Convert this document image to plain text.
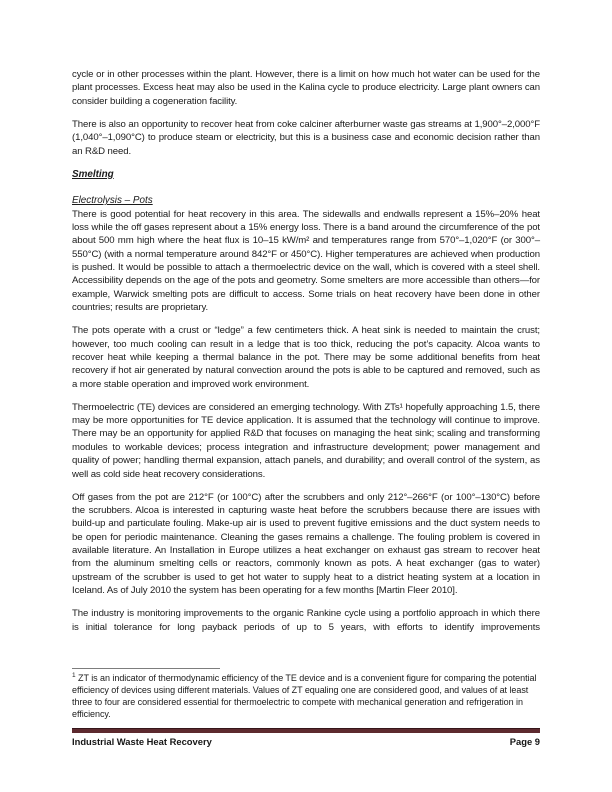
cycle or in other processes within the plant. However, there is a limit on how much hot water can be used for the plant processes. Excess heat may also be used in the Kalina cycle to produce electricity. Large plant owners can consider building a cogeneration facility.

There is also an opportunity to recover heat from coke calciner afterburner waste gas streams at 1,900°–2,000°F (1,040°–1,090°C) to produce steam or electricity, but this is a business case and economic decision rather than an R&D need.

Smelting
Electrolysis – Pots

There is good potential for heat recovery in this area. The sidewalls and endwalls represent a 15%–20% heat loss while the off gases represent about a 15% energy loss. There is a band around the circumference of the pot about 500 mm high where the heat flux is 10–15 kW/m² and temperatures range from 570°–1,020°F (or 300°–550°C) (with a normal temperature around 842°F or 450°C). Higher temperatures are achieved when production is pushed. It would be possible to attach a thermoelectric device on the wall, which is covered with a steel shell. Accessibility depends on the age of the pots and geometry. Some smelters are more accessible than others—for example, Warwick smelting pots are difficult to access. Some trials on heat recovery have been done in other countries; results are proprietary.

The pots operate with a crust or “ledge” a few centimeters thick. A heat sink is needed to maintain the crust; however, too much cooling can result in a ledge that is too thick, reducing the pot’s capacity. Alcoa wants to recover heat while keeping a thermal balance in the pot. There may be some additional benefits from heat recovery if hot air generated by natural convection around the pots is able to be captured and removed, such as a more stable operation and improved work environment.

Thermoelectric (TE) devices are considered an emerging technology. With ZTs¹ hopefully approaching 1.5, there may be more opportunities for TE device application. It is assumed that the technology will continue to improve. There may be an opportunity for applied R&D that focuses on managing the heat sink; scaling and transforming modules to workable devices; process integration and infrastructure development; power management and quality of power; handling thermal expansion, attach panels, and durability; and overall control of the system, as well as cold side heat recovery considerations.

Off gases from the pot are 212°F (or 100°C) after the scrubbers and only 212°–266°F (or 100°–130°C) before the scrubbers. Alcoa is interested in capturing waste heat before the scrubbers because there are issues with build-up and particulate fouling. Make-up air is used to prevent fugitive emissions and the duct system needs to be open for periodic maintenance. Cleaning the gases remains a challenge. The fouling problem is covered in available literature. An Installation in Europe utilizes a heat exchanger on exhaust gas stream to recover heat from the aluminum smelting cells or reactors, commonly known as pots. A heat exchanger (gas to water) upstream of the scrubber is used to get hot water to supply heat to a district heating system at a location in Iceland. As of July 2010 the system has been operating for a few months [Martin Fleer 2010].

The industry is monitoring improvements to the organic Rankine cycle using a portfolio approach in which there is initial tolerance for long payback periods of up to 5 years, with efforts to identify improvements

$^1$ ZT is an indicator of thermodynamic efficiency of the TE device and is a convenient figure for comparing the potential efficiency of devices using different materials. Values of ZT equaling one are considered good, and values of at least three to four are considered essential for thermoelectric to compete with mechanical generation and refrigeration in efficiency.

Industrial Waste Heat Recovery	Page 9
